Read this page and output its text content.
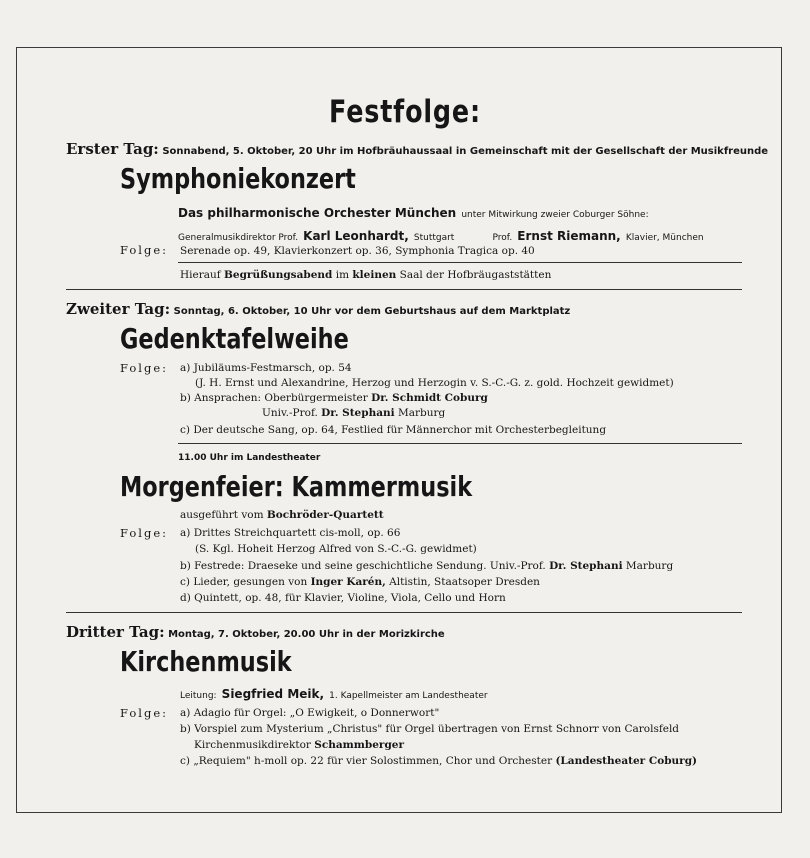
Festfolge:
Erster Tag: Sonnabend, 5. Oktober, 20 Uhr im Hofbräuhaussaal in Gemeinschaft mit der Gesellschaft der Musikfreunde
Symphoniekonzert
Das philharmonische Orchester München unter Mitwirkung zweier Coburger Söhne:
Generalmusikdirektor Prof. Karl Leonhardt, Stuttgart	Prof. Ernst Riemann, Klavier, München
Folge: Serenade op. 49, Klavierkonzert op. 36, Symphonia Tragica op. 40
Hierauf Begrüßungsabend im kleinen Saal der Hofbräugaststätten
Zweiter Tag: Sonntag, 6. Oktober, 10 Uhr vor dem Geburtshaus auf dem Marktplatz
Gedenktafelweihe
Folge: a) Jubiläums-Festmarsch, op. 54
(J. H. Ernst und Alexandrine, Herzog und Herzogin v. S.-C.-G. z. gold. Hochzeit gewidmet)
b) Ansprachen: Oberbürgermeister Dr. Schmidt Coburg
Univ.-Prof. Dr. Stephani Marburg
c) Der deutsche Sang, op. 64, Festlied für Männerchor mit Orchesterbegleitung
11.00 Uhr im Landestheater
Morgenfeier: Kammermusik
ausgeführt vom Bochröder-Quartett
Folge: a) Drittes Streichquartett cis-moll, op. 66
(S. Kgl. Hoheit Herzog Alfred von S.-C.-G. gewidmet)
b) Festrede: Draeseke und seine geschichtliche Sendung. Univ.-Prof. Dr. Stephani Marburg
c) Lieder, gesungen von Inger Karén, Altistin, Staatsoper Dresden
d) Quintett, op. 48, für Klavier, Violine, Viola, Cello und Horn
Dritter Tag: Montag, 7. Oktober, 20.00 Uhr in der Morizkirche
Kirchenmusik
Leitung: Siegfried Meik, 1. Kapellmeister am Landestheater
Folge: a) Adagio für Orgel: „O Ewigkeit, o Donnerwort"
b) Vorspiel zum Mysterium „Christus" für Orgel übertragen von Ernst Schnorr von Carolsfeld
Kirchenmusikdirektor Schammberger
c) „Requiem" h-moll op. 22 für vier Solostimmen, Chor und Orchester (Landestheater Coburg)
